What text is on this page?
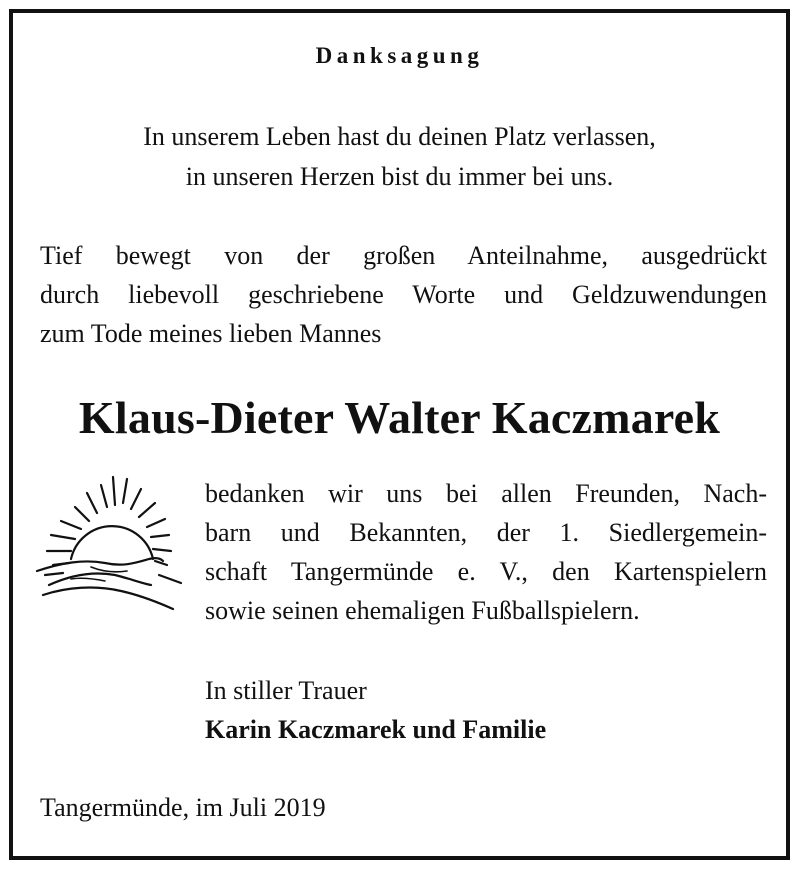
Danksagung
In unserem Leben hast du deinen Platz verlassen,
in unseren Herzen bist du immer bei uns.
Tief bewegt von der großen Anteilnahme, ausgedrückt
durch liebevoll geschriebene Worte und Geldzuwendungen
zum Tode meines lieben Mannes
Klaus-Dieter Walter Kaczmarek
bedanken wir uns bei allen Freunden, Nach-
barn und Bekannten, der 1. Siedlergemein-
schaft Tangermünde e. V., den Kartenspielern
sowie seinen ehemaligen Fußballspielern.
In stiller Trauer
Karin Kaczmarek und Familie
Tangermünde, im Juli 2019
